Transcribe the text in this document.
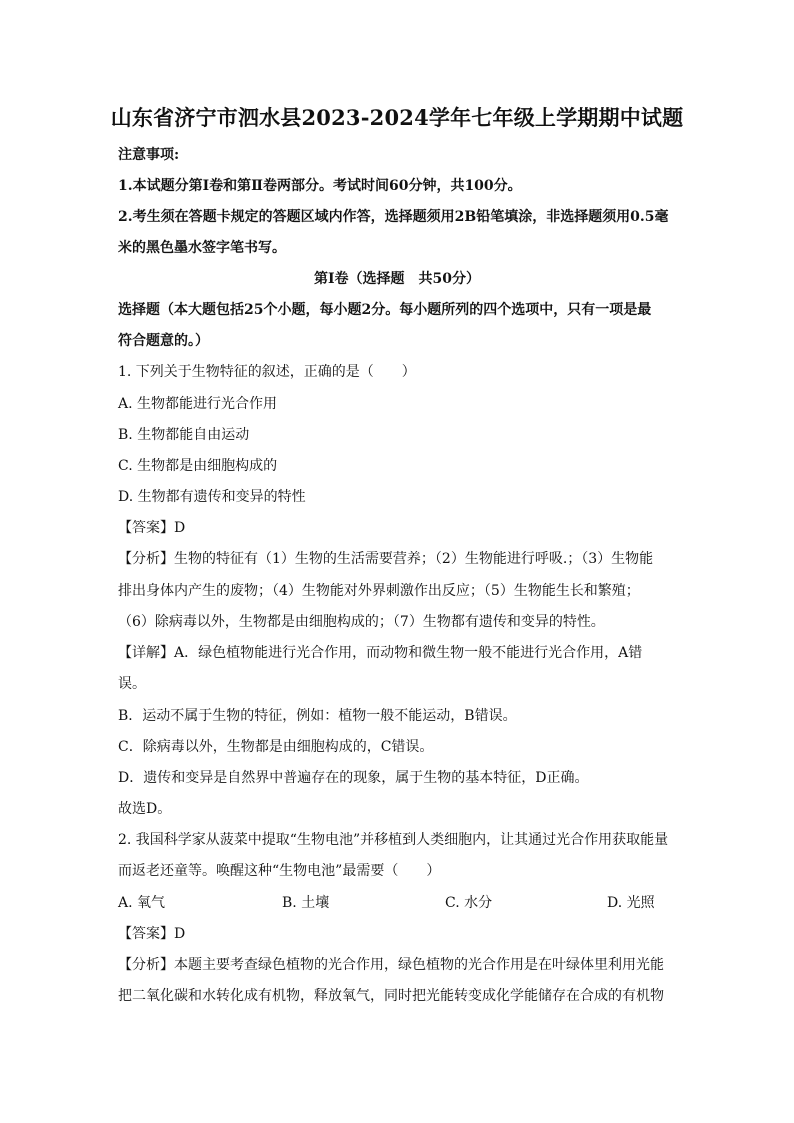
山东省济宁市泗水县2023-2024学年七年级上学期期中试题
注意事项:
1.本试题分第Ⅰ卷和第Ⅱ卷两部分。考试时间60分钟，共100分。
2.考生须在答题卡规定的答题区域内作答，选择题须用2B铅笔填涂，非选择题须用0.5毫
米的黑色墨水签字笔书写。
第Ⅰ卷（选择题　共50分）
选择题（本大题包括25个小题，每小题2分。每小题所列的四个选项中，只有一项是最
符合题意的。）
1. 下列关于生物特征的叙述，正确的是（　　）
A. 生物都能进行光合作用
B. 生物都能自由运动
C. 生物都是由细胞构成的
D. 生物都有遗传和变异的特性
【答案】D
【分析】生物的特征有（1）生物的生活需要营养；（2）生物能进行呼吸.；（3）生物能
排出身体内产生的废物；（4）生物能对外界刺激作出反应；（5）生物能生长和繁殖；
（6）除病毒以外，生物都是由细胞构成的；（7）生物都有遗传和变异的特性。
【详解】A．绿色植物能进行光合作用，而动物和微生物一般不能进行光合作用，A错
误。
B．运动不属于生物的特征，例如：植物一般不能运动，B错误。
C．除病毒以外，生物都是由细胞构成的，C错误。
D．遗传和变异是自然界中普遍存在的现象，属于生物的基本特征，D正确。
故选D。
2. 我国科学家从菠菜中提取“生物电池”并移植到人类细胞内，让其通过光合作用获取能量
而返老还童等。唤醒这种“生物电池”最需要（　　）
A. 氧气	B. 土壤	C. 水分	D. 光照
【答案】D
【分析】本题主要考查绿色植物的光合作用，绿色植物的光合作用是在叶绿体里利用光能
把二氧化碳和水转化成有机物，释放氧气，同时把光能转变成化学能储存在合成的有机物
